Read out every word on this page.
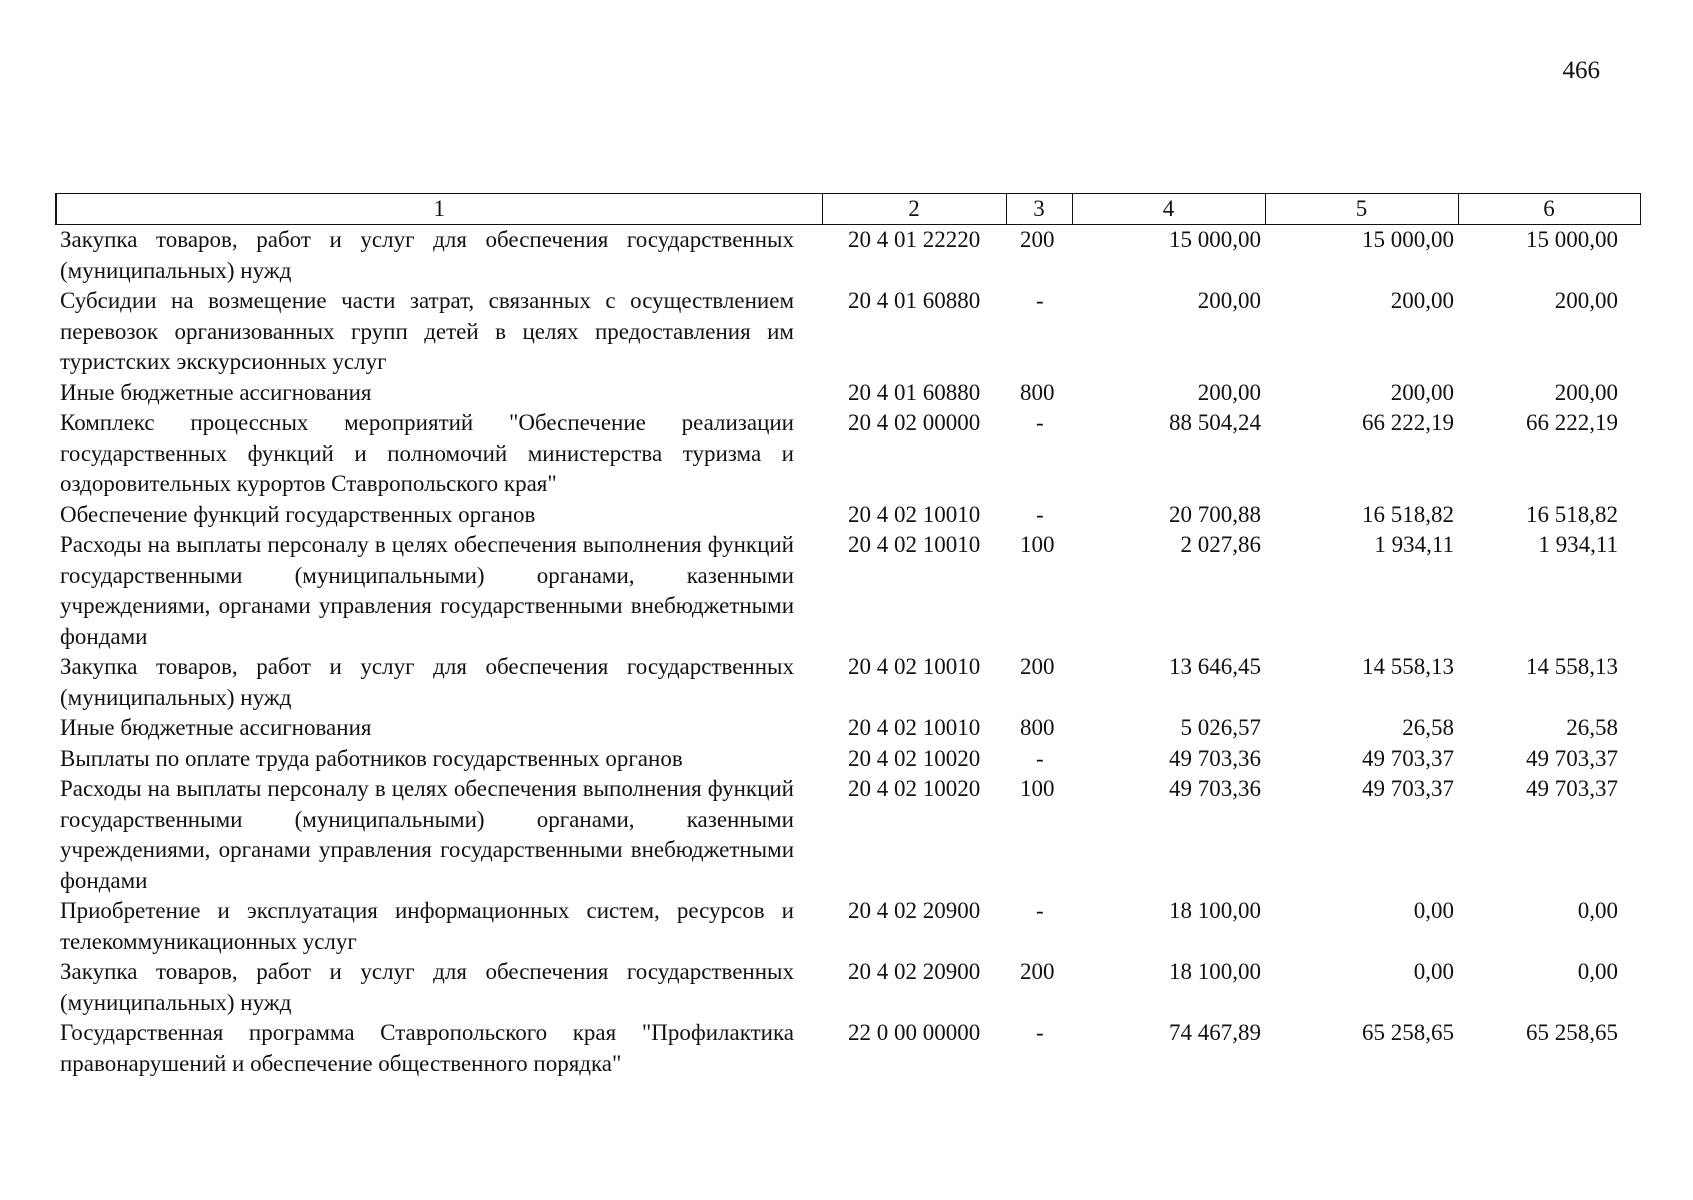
466
1	2	3	4	5	6
Закупка товаров, работ и услуг для обеспечения государственных (муниципальных) нужд	20 4 01 22220	200	15 000,00	15 000,00	15 000,00
Субсидии на возмещение части затрат, связанных с осуществлением перевозок организованных групп детей в целях предоставления им туристских экскурсионных услуг	20 4 01 60880	-	200,00	200,00	200,00
Иные бюджетные ассигнования	20 4 01 60880	800	200,00	200,00	200,00
Комплекс процессных мероприятий "Обеспечение реализации государственных функций и полномочий министерства туризма и оздоровительных курортов Ставропольского края"	20 4 02 00000	-	88 504,24	66 222,19	66 222,19
Обеспечение функций государственных органов	20 4 02 10010	-	20 700,88	16 518,82	16 518,82
Расходы на выплаты персоналу в целях обеспечения выполнения функций государственными (муниципальными) органами, казенными учреждениями, органами управления государственными внебюджетными фондами	20 4 02 10010	100	2 027,86	1 934,11	1 934,11
Закупка товаров, работ и услуг для обеспечения государственных (муниципальных) нужд	20 4 02 10010	200	13 646,45	14 558,13	14 558,13
Иные бюджетные ассигнования	20 4 02 10010	800	5 026,57	26,58	26,58
Выплаты по оплате труда работников государственных органов	20 4 02 10020	-	49 703,36	49 703,37	49 703,37
Расходы на выплаты персоналу в целях обеспечения выполнения функций государственными (муниципальными) органами, казенными учреждениями, органами управления государственными внебюджетными фондами	20 4 02 10020	100	49 703,36	49 703,37	49 703,37
Приобретение и эксплуатация информационных систем, ресурсов и телекоммуникационных услуг	20 4 02 20900	-	18 100,00	0,00	0,00
Закупка товаров, работ и услуг для обеспечения государственных (муниципальных) нужд	20 4 02 20900	200	18 100,00	0,00	0,00
Государственная программа Ставропольского края "Профилактика правонарушений и обеспечение общественного порядка"	22 0 00 00000	-	74 467,89	65 258,65	65 258,65
